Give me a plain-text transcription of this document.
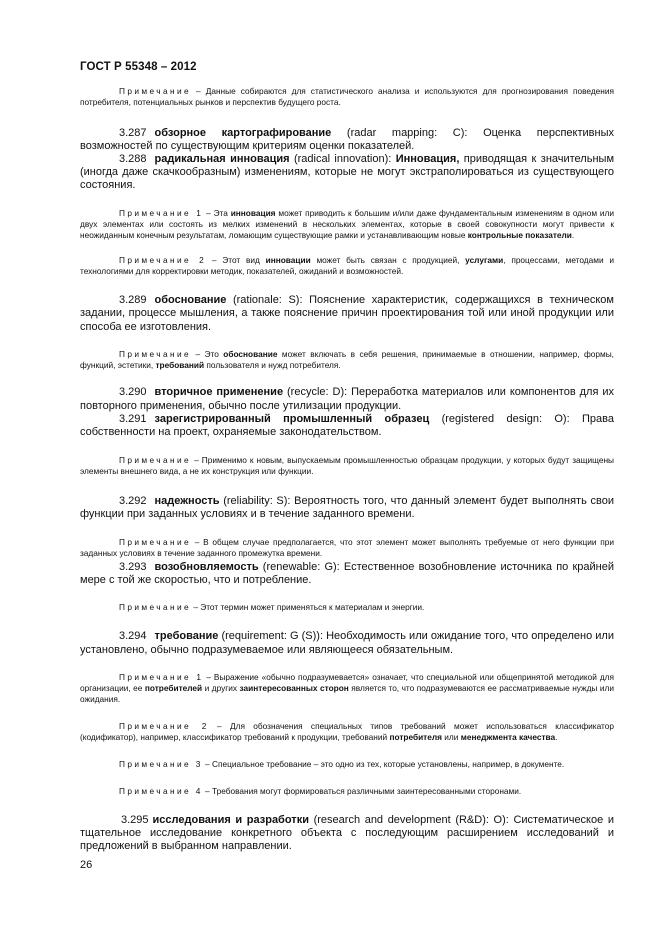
ГОСТ Р 55348 – 2012

Примечание – Данные собираются для статистического анализа и используются для прогнозирования поведения потребителя, потенциальных рынков и перспектив будущего роста.

3.287 обзорное картографирование (radar mapping: C): Оценка перспективных возможностей по существующим критериям оценки показателей.

3.288 радикальная инновация (radical innovation): Инновация, приводящая к значительным (иногда даже скачкообразным) изменениям, которые не могут экстраполироваться из существующего состояния.

Примечание 1 – Эта инновация может приводить к большим и/или даже фундаментальным изменениям в одном или двух элементах или состоять из мелких изменений в нескольких элементах, которые в своей совокупности могут привести к неожиданным конечным результатам, ломающим существующие рамки и устанавливающим новые контрольные показатели.

Примечание 2 – Этот вид инновации может быть связан с продукцией, услугами, процессами, методами и технологиями для корректировки методик, показателей, ожиданий и возможностей.

3.289 обоснование (rationale: S): Пояснение характеристик, содержащихся в техническом задании, процессе мышления, а также пояснение причин проектирования той или иной продукции или способа ее изготовления.

Примечание – Это обоснование может включать в себя решения, принимаемые в отношении, например, формы, функций, эстетики, требований пользователя и нужд потребителя.

3.290 вторичное применение (recycle: D): Переработка материалов или компонентов для их повторного применения, обычно после утилизации продукции.

3.291 зарегистрированный промышленный образец (registered design: O): Права собственности на проект, охраняемые законодательством.

Примечание – Применимо к новым, выпускаемым промышленностью образцам продукции, у которых будут защищены элементы внешнего вида, а не их конструкция или функции.

3.292 надежность (reliability: S): Вероятность того, что данный элемент будет выполнять свои функции при заданных условиях и в течение заданного времени.

Примечание – В общем случае предполагается, что этот элемент может выполнять требуемые от него функции при заданных условиях в течение заданного промежутка времени.

3.293 возобновляемость (renewable: G): Естественное возобновление источника по крайней мере с той же скоростью, что и потребление.

Примечание – Этот термин может применяться к материалам и энергии.

3.294 требование (requirement: G (S)): Необходимость или ожидание того, что определено или установлено, обычно подразумеваемое или являющееся обязательным.

Примечание 1 – Выражение «обычно подразумевается» означает, что специальной или общепринятой методикой для организации, ее потребителей и других заинтересованных сторон является то, что подразумеваются ее рассматриваемые нужды или ожидания.

Примечание 2 – Для обозначения специальных типов требований может использоваться классификатор (кодификатор), например, классификатор требований к продукции, требований потребителя или менеджмента качества.

Примечание 3 – Специальное требование – это одно из тех, которые установлены, например, в документе.

Примечание 4 – Требования могут формироваться различными заинтересованными сторонами.

3.295 исследования и разработки (research and development (R&D): O): Систематическое и тщательное исследование конкретного объекта с последующим расширением исследований и предложений в выбранном направлении.

26
